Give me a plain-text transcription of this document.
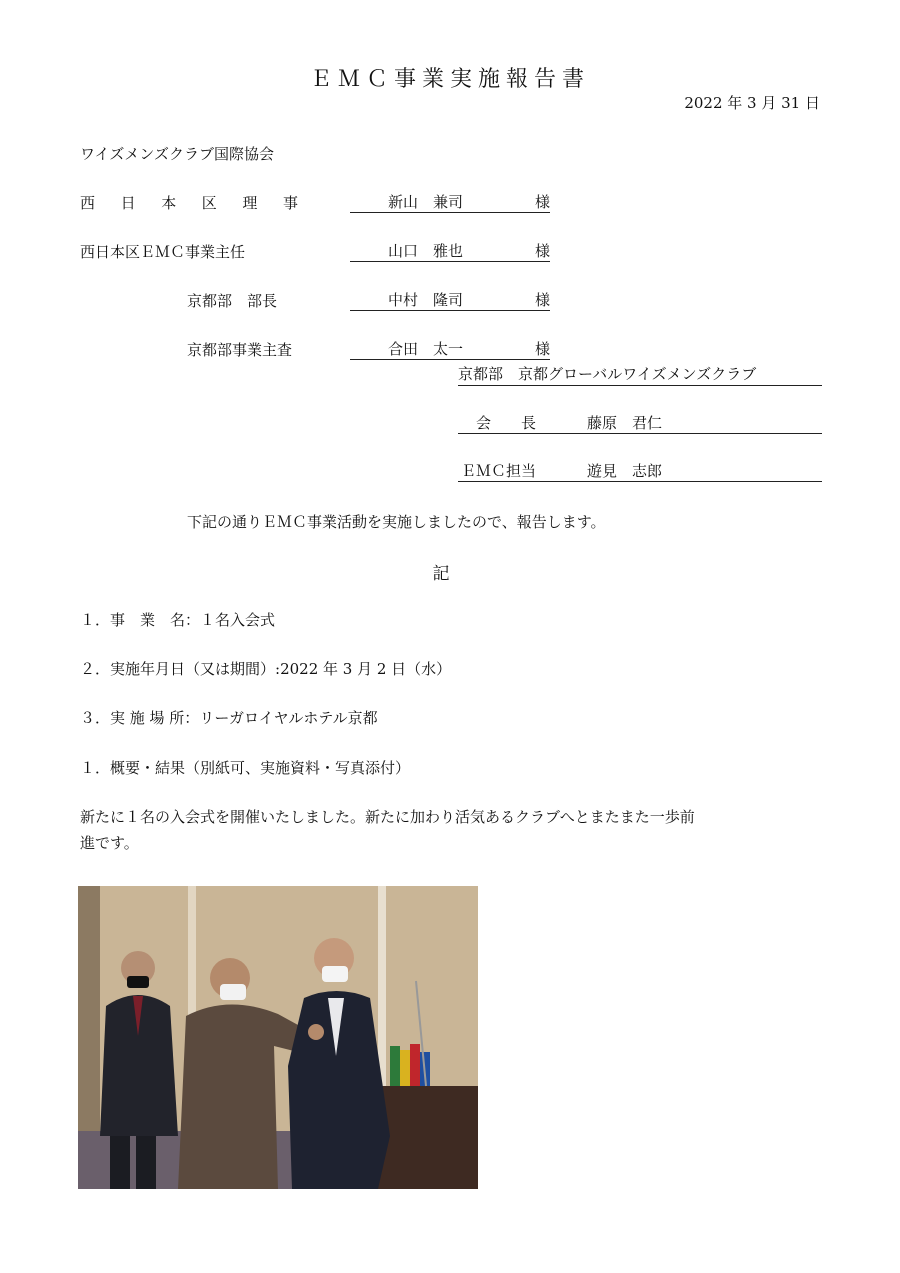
ＥＭＣ事業実施報告書
2022 年 3 月 31 日
ワイズメンズクラブ国際協会
西 日 本 区 理 事	新山　兼司	様
西日本区ＥＭＣ事業主任	山口　雅也	様
京都部　部長	中村　隆司	様
京都部事業主査	合田　太一	様
京都部　京都グローバルワイズメンズクラブ
会　　長	藤原　君仁
ＥＭＣ担当	遊見　志郎
下記の通りＥＭＣ事業活動を実施しましたので、報告します。
記
１．事　業　名：１名入会式
２．実施年月日（又は期間）:2022 年 3 月 2 日（水）
３．実 施 場 所：リーガロイヤルホテル京都
１．概要・結果（別紙可、実施資料・写真添付）
新たに１名の入会式を開催いたしました。新たに加わり活気あるクラブへとまたまた一歩前
進です。
